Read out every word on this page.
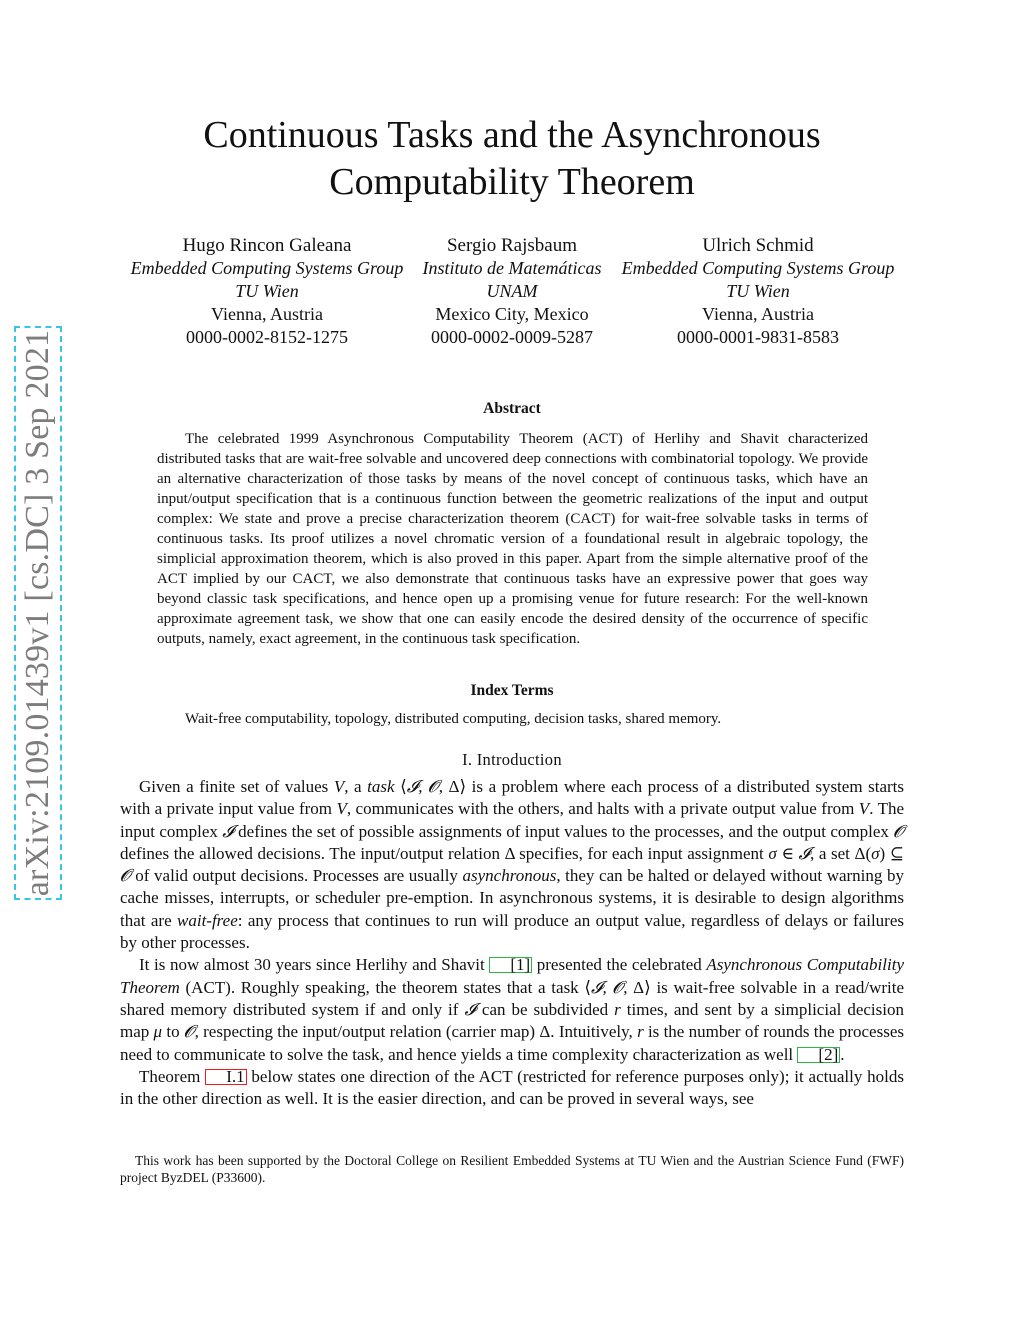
arXiv:2109.01439v1 [cs.DC] 3 Sep 2021
Continuous Tasks and the Asynchronous
Computability Theorem
Hugo Rincon Galeana
Embedded Computing Systems Group
TU Wien
Vienna, Austria
0000-0002-8152-1275
Sergio Rajsbaum
Instituto de Matemáticas
UNAM
Mexico City, Mexico
0000-0002-0009-5287
Ulrich Schmid
Embedded Computing Systems Group
TU Wien
Vienna, Austria
0000-0001-9831-8583
Abstract
The celebrated 1999 Asynchronous Computability Theorem (ACT) of Herlihy and Shavit characterized distributed tasks that are wait-free solvable and uncovered deep connections with combinatorial topology. We provide an alternative characterization of those tasks by means of the novel concept of continuous tasks, which have an input/output specification that is a continuous function between the geometric realizations of the input and output complex: We state and prove a precise characterization theorem (CACT) for wait-free solvable tasks in terms of continuous tasks. Its proof utilizes a novel chromatic version of a foundational result in algebraic topology, the simplicial approximation theorem, which is also proved in this paper. Apart from the simple alternative proof of the ACT implied by our CACT, we also demonstrate that continuous tasks have an expressive power that goes way beyond classic task specifications, and hence open up a promising venue for future research: For the well-known approximate agreement task, we show that one can easily encode the desired density of the occurrence of specific outputs, namely, exact agreement, in the continuous task specification.
Index Terms
Wait-free computability, topology, distributed computing, decision tasks, shared memory.
I. Introduction

Given a finite set of values V, a task ⟨𝓘, 𝓞, Δ⟩ is a problem where each process of a distributed system starts with a private input value from V, communicates with the others, and halts with a private output value from V. The input complex 𝓘 defines the set of possible assignments of input values to the processes, and the output complex 𝓞 defines the allowed decisions. The input/output relation Δ specifies, for each input assignment σ ∈ 𝓘, a set Δ(σ) ⊆ 𝓞 of valid output decisions. Processes are usually asynchronous, they can be halted or delayed without warning by cache misses, interrupts, or scheduler pre-emption. In asynchronous systems, it is desirable to design algorithms that are wait-free: any process that continues to run will produce an output value, regardless of delays or failures by other processes.

It is now almost 30 years since Herlihy and Shavit [1] presented the celebrated Asynchronous Computability Theorem (ACT). Roughly speaking, the theorem states that a task ⟨𝓘, 𝓞, Δ⟩ is wait-free solvable in a read/write shared memory distributed system if and only if 𝓘 can be subdivided r times, and sent by a simplicial decision map μ to 𝓞, respecting the input/output relation (carrier map) Δ. Intuitively, r is the number of rounds the processes need to communicate to solve the task, and hence yields a time complexity characterization as well [2] .

Theorem I.1 below states one direction of the ACT (restricted for reference purposes only); it actually holds in the other direction as well. It is the easier direction, and can be proved in several ways, see

This work has been supported by the Doctoral College on Resilient Embedded Systems at TU Wien and the Austrian Science Fund (FWF) project ByzDEL (P33600).
